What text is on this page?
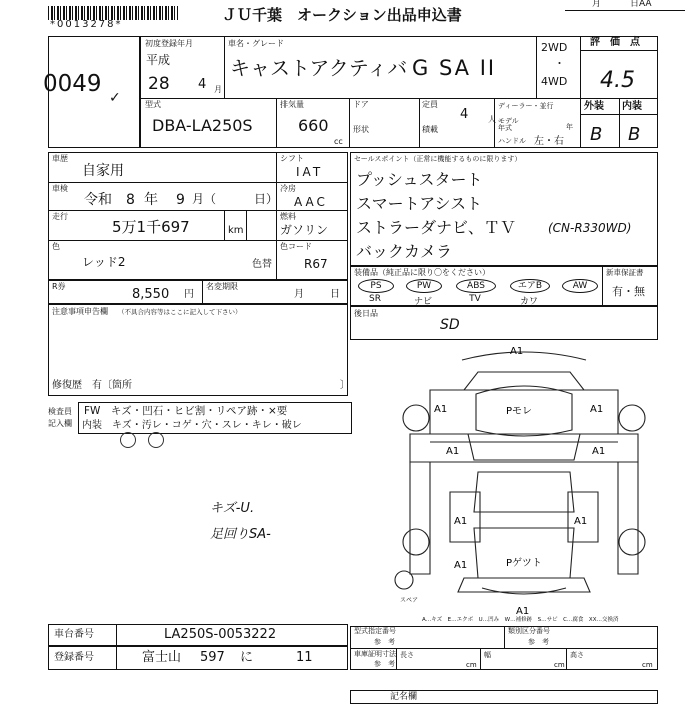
*0013278*
ＪＵ千葉　オークション出品申込書
月	日AA
0049
✓
初度登録年月
平成
28 4 月
車名・グレード
キャストアクティバ G SA II
2WD
・
4WD
評　価　点
4.5
外装 内装
B B
型式
DBA-LA250S
排気量
660
cc
ドア
形状
定員
4 人
積載
ディーラー・並行
モデル年式	年
ハンドル 左・右
車歴
自家用
車検
令和 8 年 9 月（	日）
走行
5万1千697	km
色
レッド2	色替
シフト
IAT
冷房
AAC
燃料
ガソリン
色コード
R67
R券
8,550 円
名変期限
月	日
注意事項申告欄 （不具合内容等はここに記入して下さい）
修復歴　有〔箇所	〕
検査員
記入欄
FW　キズ・凹石・ヒビ割・リペア跡・×要
内装　キズ・汚レ・コゲ・穴・スレ・キレ・破レ
キズ-U.
足回りSA-
セールスポイント（正常に機能するものに限ります）
プッシュスタート
スマートアシスト
ストラーダナビ、ＴＶ	(CN-R330WD)
バックカメラ
装備品（純正品に限り〇をください）	新車保証書
有・無
PS
SR
PW
ナビ
ABS
TV
エアB
カワ
AW
後日品
SD
A1
A1	A1
A1	A1
A1	A1
A1
A1
Pモレ
Pゲツト
スペア
A…キズ　E…エクボ　U…凹み　W…補修跡　S…サビ　C…腐食　XX…交換済
車台番号	LA250S-0053222
登録番号	富士山 597 に	11
型式指定番号
参　考
類別区分番号
参　考
車庫証明寸法
参　考
長さ
cm
幅
cm
高さ
cm
記名欄
